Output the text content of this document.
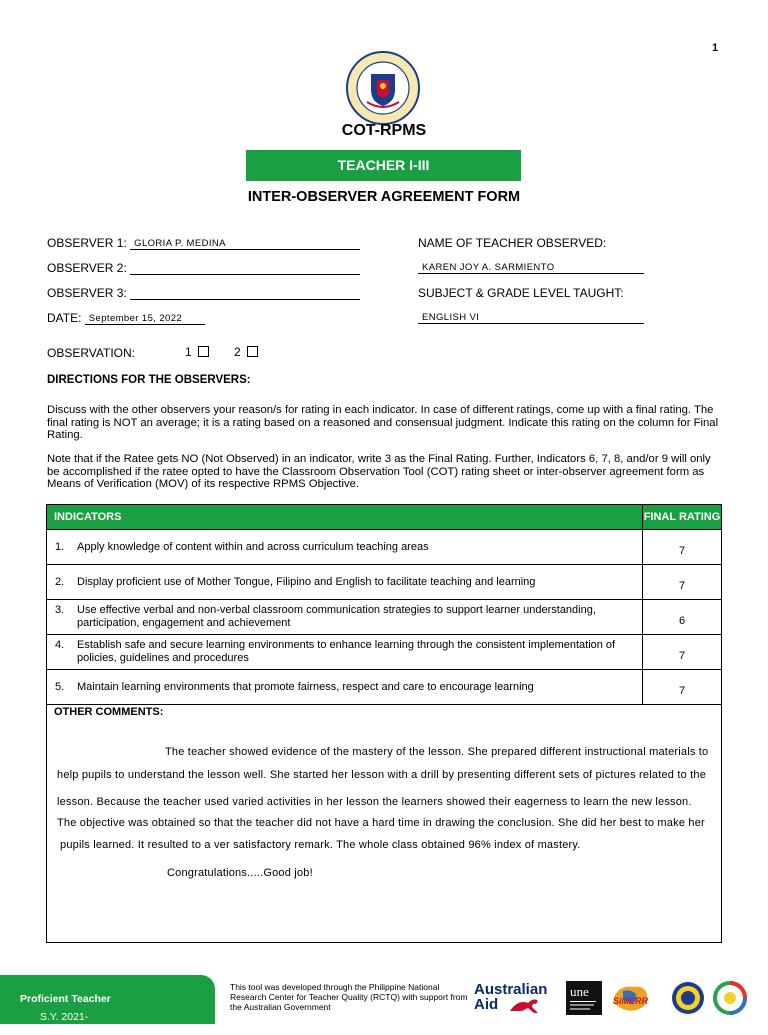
1
COT-RPMS
TEACHER I-III
INTER-OBSERVER AGREEMENT FORM
OBSERVER 1: GLORIA P. MEDINA
OBSERVER 2:
OBSERVER 3:
DATE: September 15, 2022
NAME OF TEACHER OBSERVED:
KAREN JOY A. SARMIENTO
SUBJECT & GRADE LEVEL TAUGHT:
ENGLISH VI
OBSERVATION:	1	2
DIRECTIONS FOR THE OBSERVERS:
Discuss with the other observers your reason/s for rating in each indicator. In case of different ratings, come up with a final rating. The final rating is NOT an average; it is a rating based on a reasoned and consensual judgment. Indicate this rating on the column for Final Rating.
Note that if the Ratee gets NO (Not Observed) in an indicator, write 3 as the Final Rating. Further, Indicators 6, 7, 8, and/or 9 will only be accomplished if the ratee opted to have the Classroom Observation Tool (COT) rating sheet or inter-observer agreement form as Means of Verification (MOV) of its respective RPMS Objective.
INDICATORS	FINAL RATING

1. Apply knowledge of content within and across curriculum teaching areas	7

2. Display proficient use of Mother Tongue, Filipino and English to facilitate teaching and learning	7

3. Use effective verbal and non-verbal classroom communication strategies to support learner understanding, participation, engagement and achievement	6

4. Establish safe and secure learning environments to enhance learning through the consistent implementation of policies, guidelines and procedures	7

5. Maintain learning environments that promote fairness, respect and care to encourage learning	7
OTHER COMMENTS:
The teacher showed evidence of the mastery of the lesson. She prepared different instructional materials to
help pupils to understand the lesson well. She started her lesson with a drill by presenting different sets of pictures related to the
lesson. Because the teacher used varied activities in her lesson the learners showed their eagerness to learn the new lesson.
The objective was obtained so that the teacher did not have a hard time in drawing the conclusion. She did her best to make her
pupils learned. It resulted to a ver satisfactory remark. The whole class obtained 96% index of mastery.
Congratulations.....Good job!
S.Y. 2021-2022 |
Proficient Teacher
This tool was developed through the Philippine National Research Center for Teacher Quality (RCTQ) with support from the Australian Government
Australian
Aid
une
SiMERR
